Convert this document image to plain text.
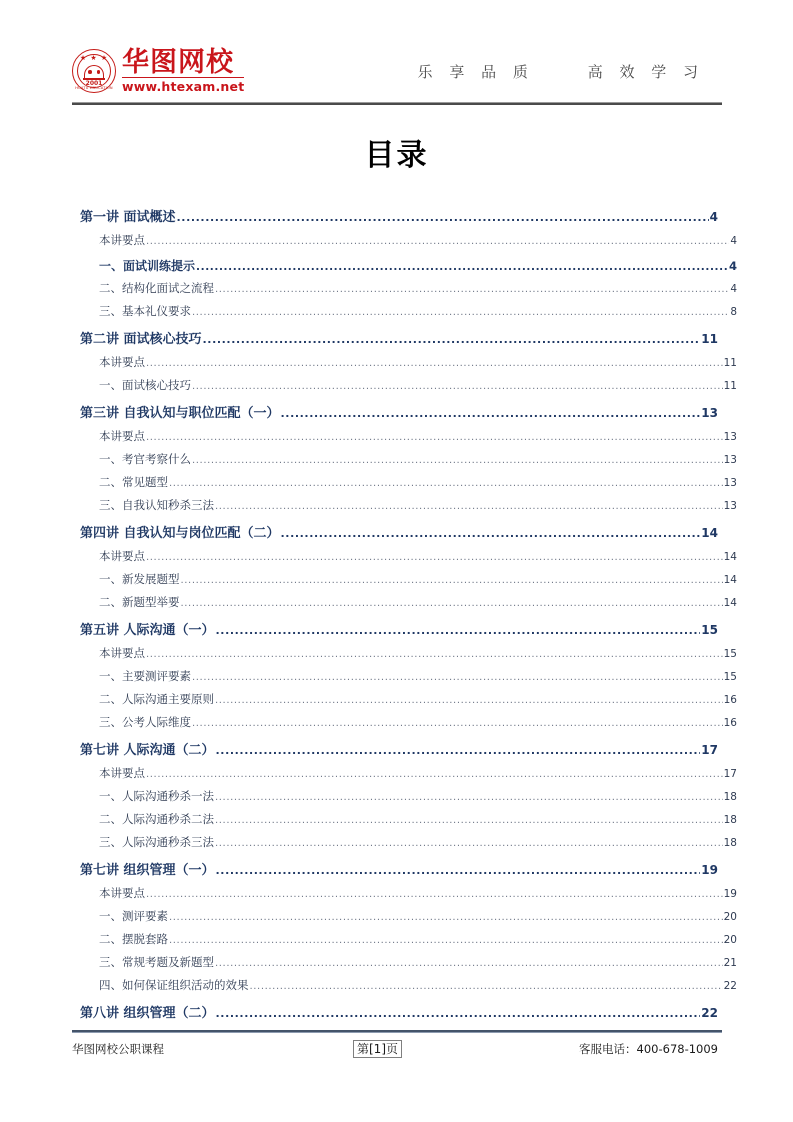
★ ★ ★
2001
HUATU EDUCATION
华图网校
www.htexam.net
乐 享 品 质     高 效 学 习
目录
第一讲 面试概述 .....	4
本讲要点 .....	4
一、面试训练提示 .....	4
二、结构化面试之流程 .....	4
三、基本礼仪要求 .....	8
第二讲 面试核心技巧 .....	11
本讲要点 .....	11
一、面试核心技巧 .....	11
第三讲 自我认知与职位匹配（一） .....	13
本讲要点 .....	13
一、考官考察什么 .....	13
二、常见题型 .....	13
三、自我认知秒杀三法 .....	13
第四讲 自我认知与岗位匹配（二） .....	14
本讲要点 .....	14
一、新发展题型 .....	14
二、新题型举要 .....	14
第五讲 人际沟通（一） .....	15
本讲要点 .....	15
一、主要测评要素 .....	15
二、人际沟通主要原则 .....	16
三、公考人际维度 .....	16
第七讲 人际沟通（二） .....	17
本讲要点 .....	17
一、人际沟通秒杀一法 .....	18
二、人际沟通秒杀二法 .....	18
三、人际沟通秒杀三法 .....	18
第七讲 组织管理（一） .....	19
本讲要点 .....	19
一、测评要素 .....	20
二、摆脱套路 .....	20
三、常规考题及新题型 .....	21
四、如何保证组织活动的效果 .....	22
第八讲 组织管理（二） .....	22
华图网校公职课程	第[1]页	客服电话：400-678-1009
